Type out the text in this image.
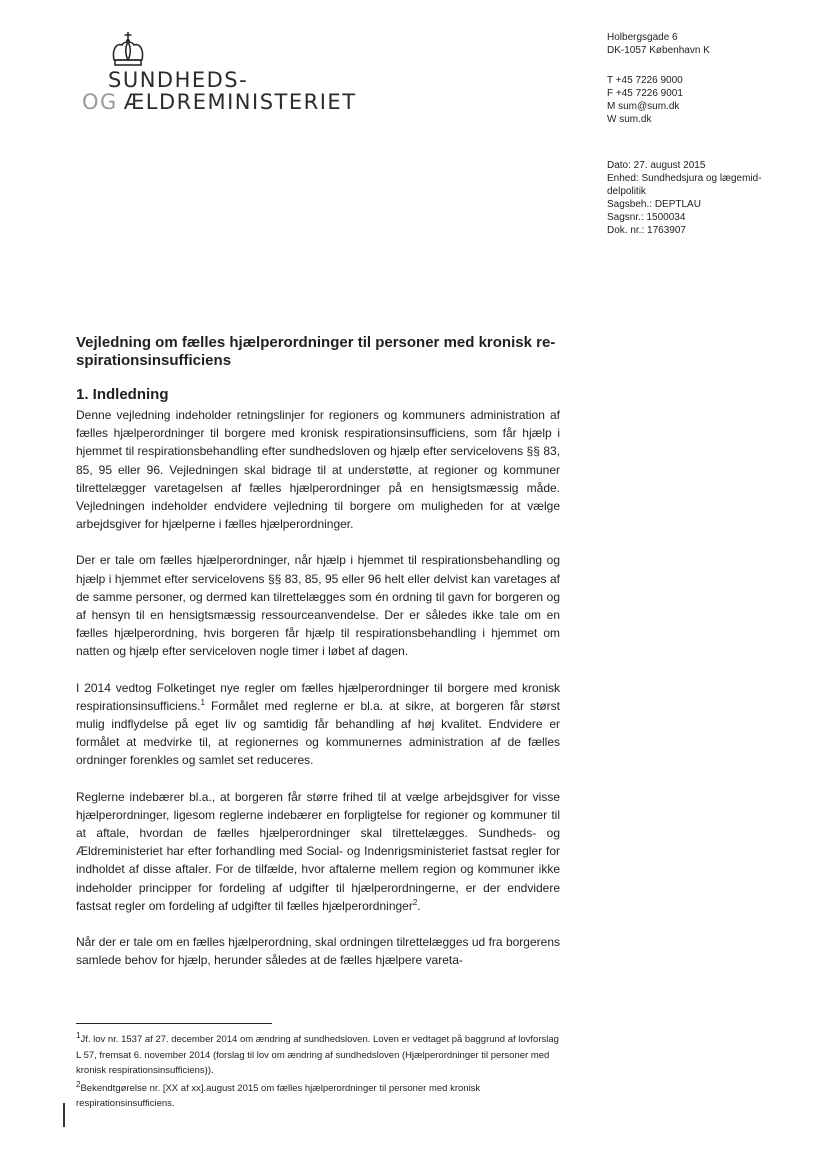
SUNDHEDS-
OG ÆLDREMINISTERIET
Holbergsgade 6
DK-1057 København K
T +45 7226 9000
F +45 7226 9001
M sum@sum.dk
W sum.dk
Dato: 27. august 2015
Enhed: Sundhedsjura og lægemid-
delpolitik
Sagsbeh.: DEPTLAU
Sagsnr.: 1500034
Dok. nr.: 1763907
Vejledning om fælles hjælperordninger til personer med kronisk re-spirationsinsufficiens
1. Indledning

Denne vejledning indeholder retningslinjer for regioners og kommuners administration af fælles hjælperordninger til borgere med kronisk respirationsinsufficiens, som får hjælp i hjemmet til respirationsbehandling efter sundhedsloven og hjælp efter servicelovens §§ 83, 85, 95 eller 96. Vejledningen skal bidrage til at understøtte, at regioner og kommuner tilrettelægger varetagelsen af fælles hjælperordninger på en hensigtsmæssig måde. Vejledningen indeholder endvidere vejledning til borgere om muligheden for at vælge arbejdsgiver for hjælperne i fælles hjælperordninger.

Der er tale om fælles hjælperordninger, når hjælp i hjemmet til respirationsbehandling og hjælp i hjemmet efter servicelovens §§ 83, 85, 95 eller 96 helt eller delvist kan varetages af de samme personer, og dermed kan tilrettelægges som én ordning til gavn for borgeren og af hensyn til en hensigtsmæssig ressourceanvendelse. Der er således ikke tale om en fælles hjælperordning, hvis borgeren får hjælp til respirationsbehandling i hjemmet om natten og hjælp efter serviceloven nogle timer i løbet af dagen.

I 2014 vedtog Folketinget nye regler om fælles hjælperordninger til borgere med kronisk respirationsinsufficiens.$^1$ Formålet med reglerne er bl.a. at sikre, at borgeren får størst mulig indflydelse på eget liv og samtidig får behandling af høj kvalitet. Endvidere er formålet at medvirke til, at regionernes og kommunernes administration af de fælles ordninger forenkles og samlet set reduceres.

Reglerne indebærer bl.a., at borgeren får større frihed til at vælge arbejdsgiver for visse hjælperordninger, ligesom reglerne indebærer en forpligtelse for regioner og kommuner til at aftale, hvordan de fælles hjælperordninger skal tilrettelægges. Sundheds- og Ældreministeriet har efter forhandling med Social- og Indenrigsministeriet fastsat regler for indholdet af disse aftaler. For de tilfælde, hvor aftalerne mellem region og kommuner ikke indeholder principper for fordeling af udgifter til hjælperordningerne, er der endvidere fastsat regler om fordeling af udgifter til fælles hjælperordninger$^2$.

Når der er tale om en fælles hjælperordning, skal ordningen tilrettelægges ud fra borgerens samlede behov for hjælp, herunder således at de fælles hjælpere vareta-

$^1$Jf. lov nr. 1537 af 27. december 2014 om ændring af sundhedsloven. Loven er vedtaget på baggrund af lovforslag L 57, fremsat 6. november 2014 (forslag til lov om ændring af sundhedsloven (Hjælperordninger til personer med kronisk respirationsinsufficiens)).

$^2$Bekendtgørelse nr. [XX af xx].august 2015 om fælles hjælperordninger til personer med kronisk respirationsinsufficiens.
